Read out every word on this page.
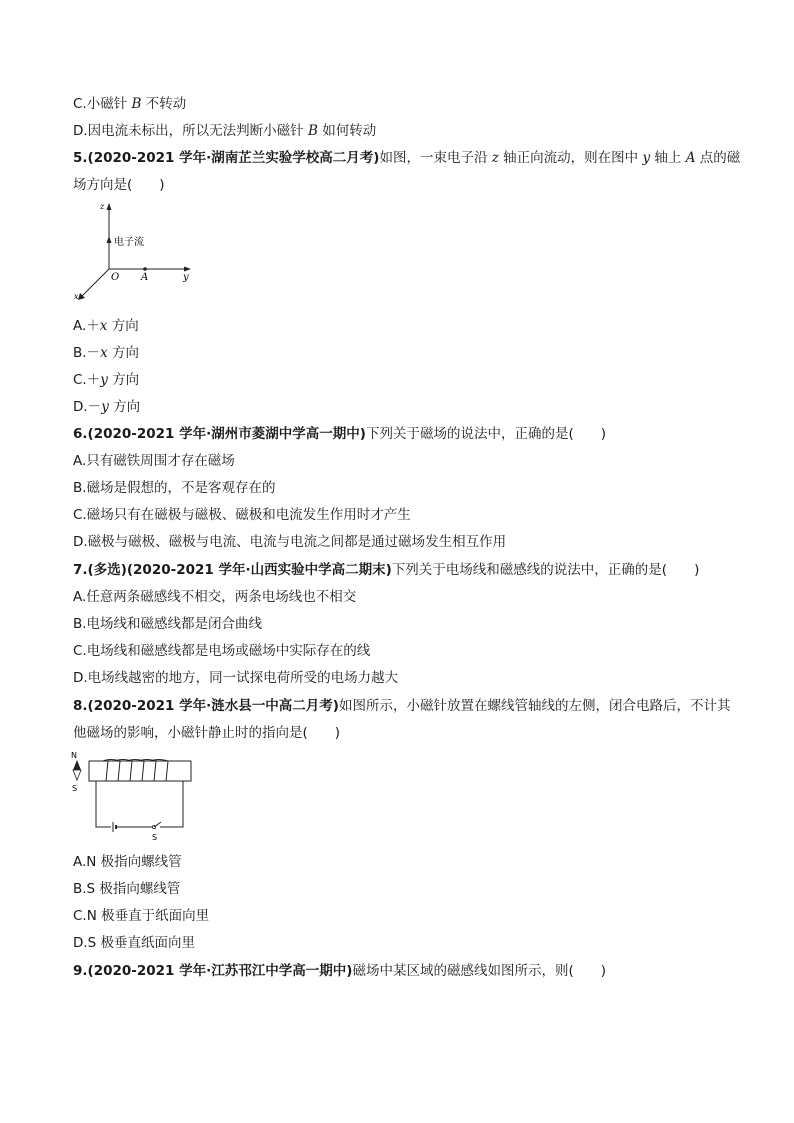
C.小磁针 B 不转动
D.因电流未标出，所以无法判断小磁针 B 如何转动
5.(2020-2021 学年·湖南芷兰实验学校高二月考)如图，一束电子沿 z 轴正向流动，则在图中 y 轴上 A 点的磁
场方向是(　　)
z
电子流
O A	y
x
A.＋x 方向
B.－x 方向
C.＋y 方向
D.－y 方向
6.(2020-2021 学年·湖州市菱湖中学高一期中)下列关于磁场的说法中，正确的是(　　)
A.只有磁铁周围才存在磁场
B.磁场是假想的，不是客观存在的
C.磁场只有在磁极与磁极、磁极和电流发生作用时才产生
D.磁极与磁极、磁极与电流、电流与电流之间都是通过磁场发生相互作用
7.(多选)(2020-2021 学年·山西实验中学高二期末)下列关于电场线和磁感线的说法中，正确的是(　　)
A.任意两条磁感线不相交，两条电场线也不相交
B.电场线和磁感线都是闭合曲线
C.电场线和磁感线都是电场或磁场中实际存在的线
D.电场线越密的地方，同一试探电荷所受的电场力越大
8.(2020-2021 学年·涟水县一中高二月考)如图所示，小磁针放置在螺线管轴线的左侧，闭合电路后，不计其
他磁场的影响，小磁针静止时的指向是(　　)
N
S
S
A.N 极指向螺线管
B.S 极指向螺线管
C.N 极垂直于纸面向里
D.S 极垂直纸面向里
9.(2020-2021 学年·江苏邗江中学高一期中)磁场中某区域的磁感线如图所示，则(　　)
